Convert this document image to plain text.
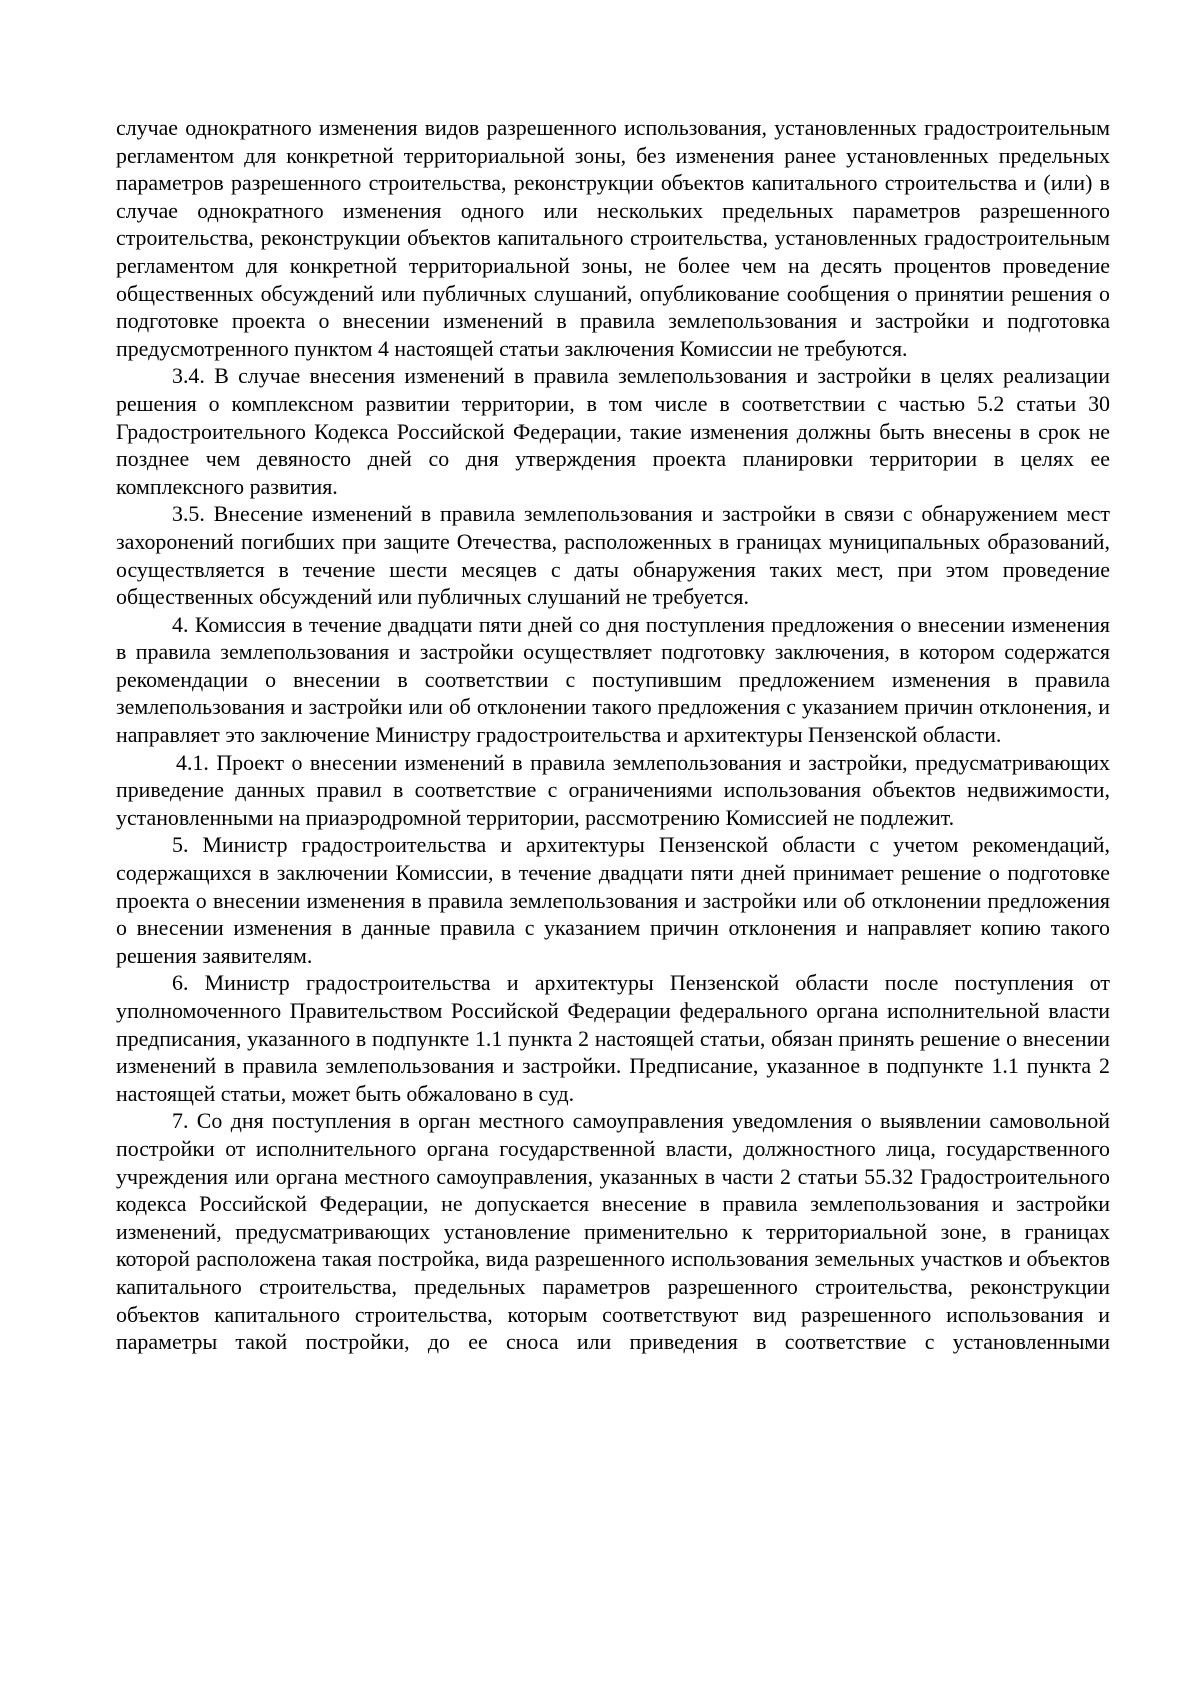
случае однократного изменения видов разрешенного использования, установленных градостроительным регламентом для конкретной территориальной зоны, без изменения ранее установленных предельных параметров разрешенного строительства, реконструкции объектов капитального строительства и (или) в случае однократного изменения одного или нескольких предельных параметров разрешенного строительства, реконструкции объектов капитального строительства, установленных градостроительным регламентом для конкретной территориальной зоны, не более чем на десять процентов проведение общественных обсуждений или публичных слушаний, опубликование сообщения о принятии решения о подготовке проекта о внесении изменений в правила землепользования и застройки и подготовка предусмотренного пунктом 4 настоящей статьи заключения Комиссии не требуются.

3.4. В случае внесения изменений в правила землепользования и застройки в целях реализации решения о комплексном развитии территории, в том числе в соответствии с частью 5.2 статьи 30 Градостроительного Кодекса Российской Федерации, такие изменения должны быть внесены в срок не позднее чем девяносто дней со дня утверждения проекта планировки территории в целях ее комплексного развития.

3.5. Внесение изменений в правила землепользования и застройки в связи с обнаружением мест захоронений погибших при защите Отечества, расположенных в границах муниципальных образований, осуществляется в течение шести месяцев с даты обнаружения таких мест, при этом проведение общественных обсуждений или публичных слушаний не требуется.

4. Комиссия в течение двадцати пяти дней со дня поступления предложения о внесении изменения в правила землепользования и застройки осуществляет подготовку заключения, в котором содержатся рекомендации о внесении в соответствии с поступившим предложением изменения в правила землепользования и застройки или об отклонении такого предложения с указанием причин отклонения, и направляет это заключение Министру градостроительства и архитектуры Пензенской области.

4.1. Проект о внесении изменений в правила землепользования и застройки, предусматривающих приведение данных правил в соответствие с ограничениями использования объектов недвижимости, установленными на приаэродромной территории, рассмотрению Комиссией не подлежит.

5. Министр градостроительства и архитектуры Пензенской области с учетом рекомендаций, содержащихся в заключении Комиссии, в течение двадцати пяти дней принимает решение о подготовке проекта о внесении изменения в правила землепользования и застройки или об отклонении предложения о внесении изменения в данные правила с указанием причин отклонения и направляет копию такого решения заявителям.

6. Министр градостроительства и архитектуры Пензенской области после поступления от уполномоченного Правительством Российской Федерации федерального органа исполнительной власти предписания, указанного в подпункте 1.1 пункта 2 настоящей статьи, обязан принять решение о внесении изменений в правила землепользования и застройки. Предписание, указанное в подпункте 1.1 пункта 2 настоящей статьи, может быть обжаловано в суд.

7. Со дня поступления в орган местного самоуправления уведомления о выявлении самовольной постройки от исполнительного органа государственной власти, должностного лица, государственного учреждения или органа местного самоуправления, указанных в части 2 статьи 55.32 Градостроительного кодекса Российской Федерации, не допускается внесение в правила землепользования и застройки изменений, предусматривающих установление применительно к территориальной зоне, в границах которой расположена такая постройка, вида разрешенного использования земельных участков и объектов капитального строительства, предельных параметров разрешенного строительства, реконструкции объектов капитального строительства, которым соответствуют вид разрешенного использования и параметры такой постройки, до ее сноса или приведения в соответствие с установленными
